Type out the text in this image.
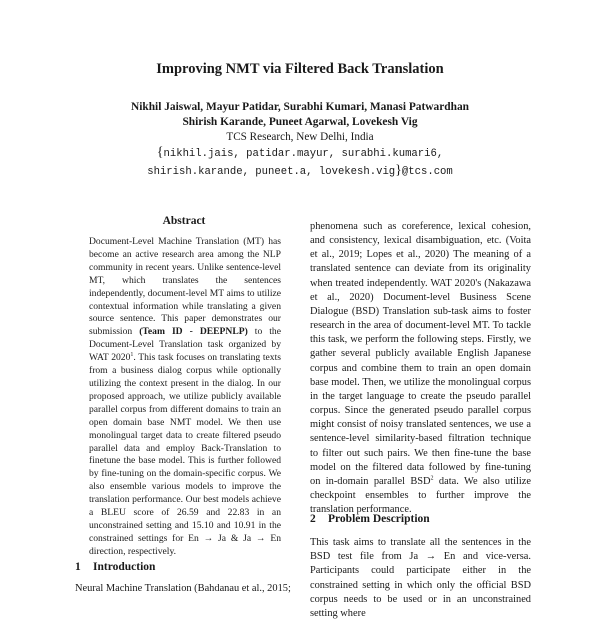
Improving NMT via Filtered Back Translation
Nikhil Jaiswal, Mayur Patidar, Surabhi Kumari, Manasi Patwardhan
Shirish Karande, Puneet Agarwal, Lovekesh Vig
TCS Research, New Delhi, India
{nikhil.jais, patidar.mayur, surabhi.kumari6,
shirish.karande, puneet.a, lovekesh.vig}@tcs.com
Abstract
Document-Level Machine Translation (MT) has become an active research area among the NLP community in recent years. Unlike sentence-level MT, which translates the sentences independently, document-level MT aims to utilize contextual information while translating a given source sentence. This paper demonstrates our submission (Team ID - DEEPNLP) to the Document-Level Translation task organized by WAT 2020$^1$. This task focuses on translating texts from a business dialog corpus while optionally utilizing the context present in the dialog. In our proposed approach, we utilize publicly available parallel corpus from different domains to train an open domain base NMT model. We then use monolingual target data to create filtered pseudo parallel data and employ Back-Translation to finetune the base model. This is further followed by fine-tuning on the domain-specific corpus. We also ensemble various models to improve the translation performance. Our best models achieve a BLEU score of 26.59 and 22.83 in an unconstrained setting and 15.10 and 10.91 in the constrained settings for En → Ja & Ja → En direction, respectively.
1 Introduction
Neural Machine Translation (Bahdanau et al., 2015;
phenomena such as coreference, lexical cohesion, and consistency, lexical disambiguation, etc. (Voita et al., 2019; Lopes et al., 2020) The meaning of a translated sentence can deviate from its originality when treated independently. WAT 2020's (Nakazawa et al., 2020) Document-level Business Scene Dialogue (BSD) Translation sub-task aims to foster research in the area of document-level MT. To tackle this task, we perform the following steps. Firstly, we gather several publicly available English Japanese corpus and combine them to train an open domain base model. Then, we utilize the monolingual corpus in the target language to create the pseudo parallel corpus. Since the generated pseudo parallel corpus might consist of noisy translated sentences, we use a sentence-level similarity-based filtration technique to filter out such pairs. We then fine-tune the base model on the filtered data followed by fine-tuning on in-domain parallel BSD$^2$ data. We also utilize checkpoint ensembles to further improve the translation performance.
2 Problem Description
This task aims to translate all the sentences in the BSD test file from Ja → En and vice-versa. Participants could participate either in the constrained setting in which only the official BSD corpus needs to be used or in an unconstrained setting where
